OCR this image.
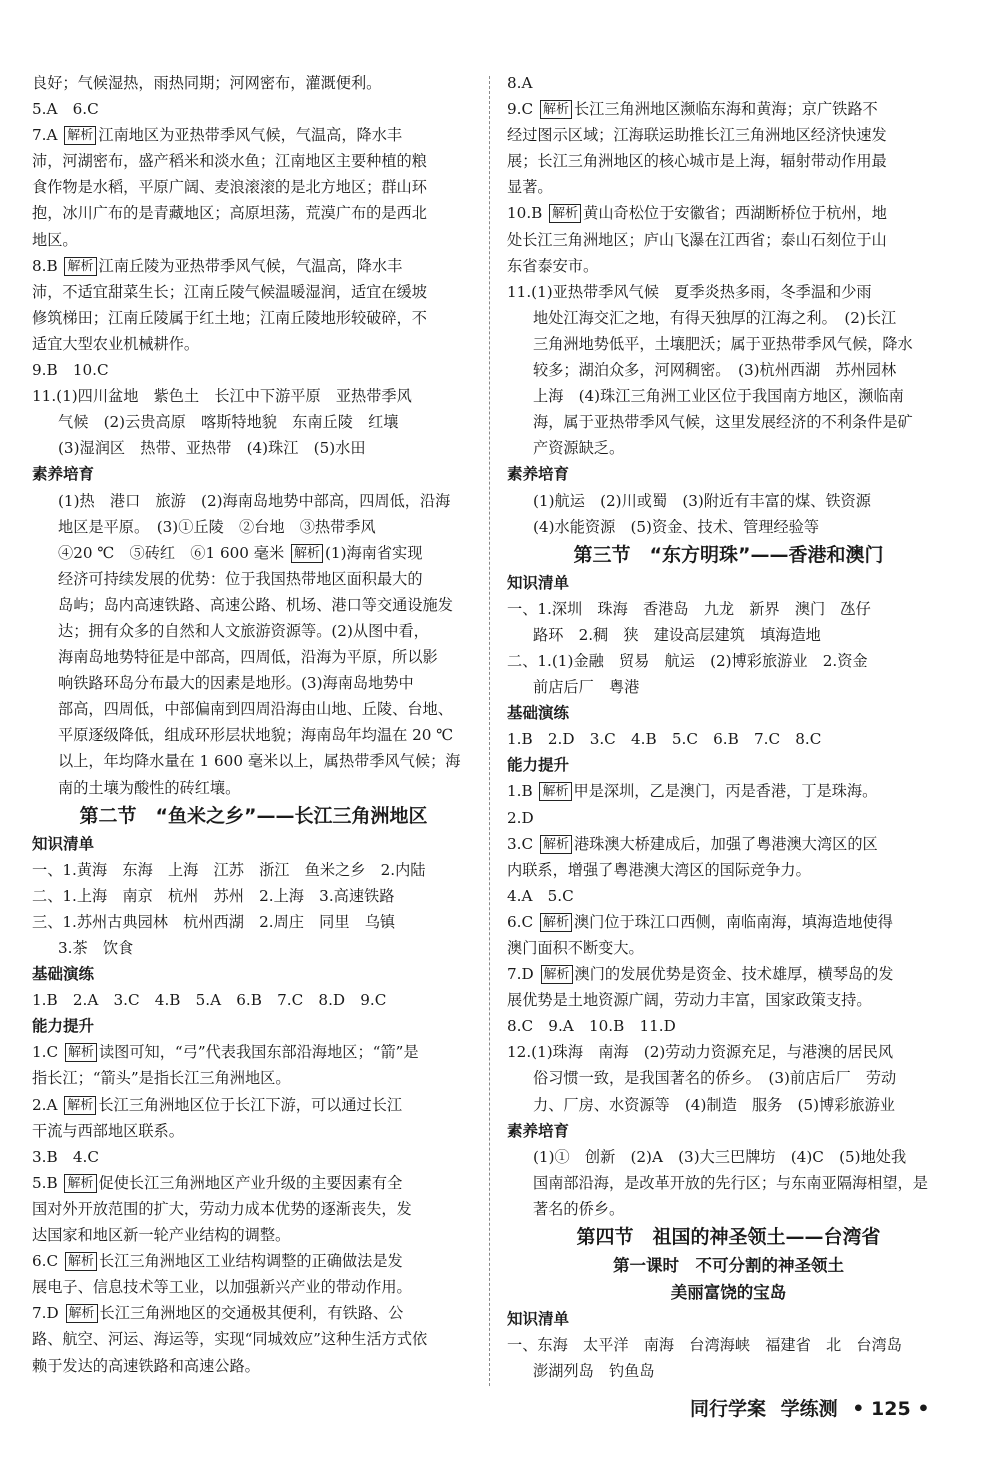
良好；气候湿热，雨热同期；河网密布，灌溉便利。
5.A　6.C
7.A 解析 江南地区为亚热带季风气候，气温高，降水丰
沛，河湖密布，盛产稻米和淡水鱼；江南地区主要种植的粮
食作物是水稻，平原广阔、麦浪滚滚的是北方地区；群山环
抱，冰川广布的是青藏地区；高原坦荡，荒漠广布的是西北
地区。
8.B 解析 江南丘陵为亚热带季风气候，气温高，降水丰
沛，不适宜甜菜生长；江南丘陵气候温暖湿润，适宜在缓坡
修筑梯田；江南丘陵属于红土地；江南丘陵地形较破碎，不
适宜大型农业机械耕作。
9.B　10.C
11.(1)四川盆地　紫色土　长江中下游平原　亚热带季风
气候　(2)云贵高原　喀斯特地貌　东南丘陵　红壤
(3)湿润区　热带、亚热带　(4)珠江　(5)水田
素养培育
(1)热　港口　旅游　(2)海南岛地势中部高，四周低，沿海
地区是平原。　(3)①丘陵　②台地　③热带季风
④20 ℃　⑤砖红　⑥1 600 毫米 解析 (1)海南省实现
经济可持续发展的优势：位于我国热带地区面积最大的
岛屿；岛内高速铁路、高速公路、机场、港口等交通设施发
达；拥有众多的自然和人文旅游资源等。(2)从图中看，
海南岛地势特征是中部高，四周低，沿海为平原，所以影
响铁路环岛分布最大的因素是地形。(3)海南岛地势中
部高，四周低，中部偏南到四周沿海由山地、丘陵、台地、
平原逐级降低，组成环形层状地貌；海南岛年均温在 20 ℃
以上，年均降水量在 1 600 毫米以上，属热带季风气候；海
南的土壤为酸性的砖红壤。
第二节　“鱼米之乡”——长江三角洲地区
知识清单
一、1.黄海　东海　上海　江苏　浙江　鱼米之乡　2.内陆
二、1.上海　南京　杭州　苏州　2.上海　3.高速铁路
三、1.苏州古典园林　杭州西湖　2.周庄　同里　乌镇
3.茶　饮食
基础演练
1.B　2.A　3.C　4.B　5.A　6.B　7.C　8.D　9.C
能力提升
1.C 解析 读图可知，“弓”代表我国东部沿海地区；“箭”是
指长江；“箭头”是指长江三角洲地区。
2.A 解析 长江三角洲地区位于长江下游，可以通过长江
干流与西部地区联系。
3.B　4.C
5.B 解析 促使长江三角洲地区产业升级的主要因素有全
国对外开放范围的扩大，劳动力成本优势的逐渐丧失，发
达国家和地区新一轮产业结构的调整。
6.C 解析 长江三角洲地区工业结构调整的正确做法是发
展电子、信息技术等工业，以加强新兴产业的带动作用。
7.D 解析 长江三角洲地区的交通极其便利，有铁路、公
路、航空、河运、海运等，实现“同城效应”这种生活方式依
赖于发达的高速铁路和高速公路。
8.A
9.C 解析 长江三角洲地区濒临东海和黄海；京广铁路不
经过图示区域；江海联运助推长江三角洲地区经济快速发
展；长江三角洲地区的核心城市是上海，辐射带动作用最
显著。
10.B 解析 黄山奇松位于安徽省；西湖断桥位于杭州，地
处长江三角洲地区；庐山飞瀑在江西省；泰山石刻位于山
东省泰安市。
11.(1)亚热带季风气候　夏季炎热多雨，冬季温和少雨
地处江海交汇之地，有得天独厚的江海之利。　(2)长江
三角洲地势低平，土壤肥沃；属于亚热带季风气候，降水
较多；湖泊众多，河网稠密。　(3)杭州西湖　苏州园林
上海　(4)珠江三角洲工业区位于我国南方地区，濒临南
海，属于亚热带季风气候，这里发展经济的不利条件是矿
产资源缺乏。
素养培育
(1)航运　(2)川或蜀　(3)附近有丰富的煤、铁资源
(4)水能资源　(5)资金、技术、管理经验等
第三节　“东方明珠”——香港和澳门
知识清单
一、1.深圳　珠海　香港岛　九龙　新界　澳门　氹仔
路环　2.稠　狭　建设高层建筑　填海造地
二、1.(1)金融　贸易　航运　(2)博彩旅游业　2.资金
前店后厂　粤港
基础演练
1.B　2.D　3.C　4.B　5.C　6.B　7.C　8.C
能力提升
1.B 解析 甲是深圳，乙是澳门，丙是香港，丁是珠海。
2.D
3.C 解析 港珠澳大桥建成后，加强了粤港澳大湾区的区
内联系，增强了粤港澳大湾区的国际竞争力。
4.A　5.C
6.C 解析 澳门位于珠江口西侧，南临南海，填海造地使得
澳门面积不断变大。
7.D 解析 澳门的发展优势是资金、技术雄厚，横琴岛的发
展优势是土地资源广阔，劳动力丰富，国家政策支持。
8.C　9.A　10.B　11.D
12.(1)珠海　南海　(2)劳动力资源充足，与港澳的居民风
俗习惯一致，是我国著名的侨乡。　(3)前店后厂　劳动
力、厂房、水资源等　(4)制造　服务　(5)博彩旅游业
素养培育
(1)①　创新　(2)A　(3)大三巴牌坊　(4)C　(5)地处我
国南部沿海，是改革开放的先行区；与东南亚隔海相望，是
著名的侨乡。
第四节　祖国的神圣领土——台湾省
第一课时　不可分割的神圣领土
美丽富饶的宝岛
知识清单
一、东海　太平洋　南海　台湾海峡　福建省　北　台湾岛
澎湖列岛　钓鱼岛
同行学案 学练测 • 125 •
